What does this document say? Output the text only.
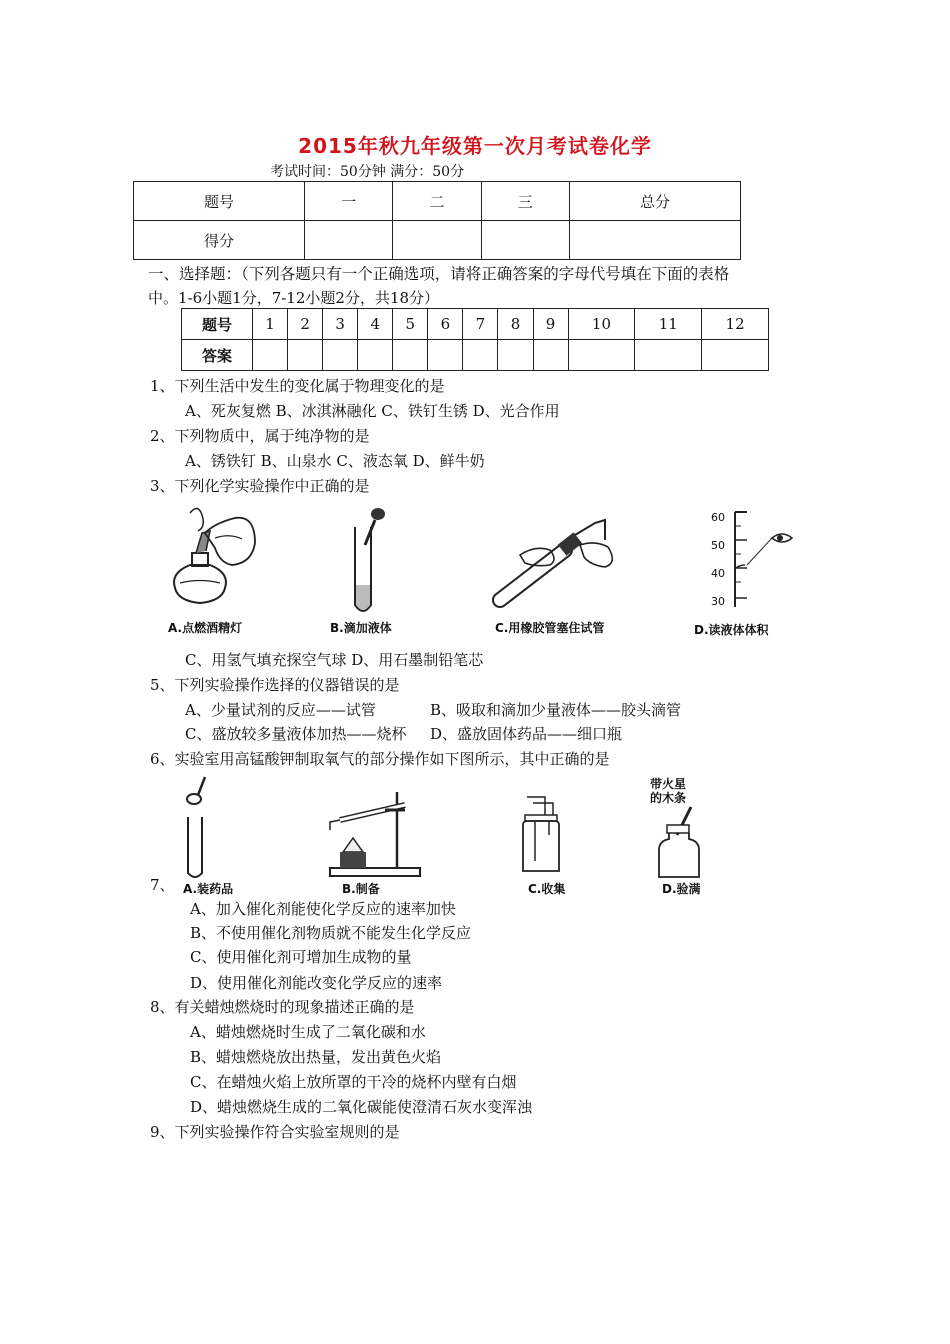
2015年秋九年级第一次月考试卷化学
考试时间：50分钟 满分：50分
题号	一	二	三	总分
得分				
一、选择题：（下列各题只有一个正确选项，请将正确答案的字母代号填在下面的表格
中。1-6小题1分，7-12小题2分，共18分）
题号	1	2	3	4	5	6	7	8	9	10	11	12
答案												
1、下列生活中发生的变化属于物理变化的是
A、死灰复燃 B、冰淇淋融化 C、铁钉生锈 D、光合作用
2、下列物质中，属于纯净物的是
A、锈铁钉 B、山泉水 C、液态氧 D、鲜牛奶
3、下列化学实验操作中正确的是
60
50
40
30
A.点燃酒精灯	B.滴加液体	C.用橡胶管塞住试管	D.读液体体积
C、用氢气填充探空气球 D、用石墨制铅笔芯
5、下列实验操作选择的仪器错误的是
A、少量试剂的反应——试管	B、吸取和滴加少量液体——胶头滴管
C、盛放较多量液体加热——烧杯 D、盛放固体药品——细口瓶
6、实验室用高锰酸钾制取氧气的部分操作如下图所示，其中正确的是
带火星
的木条
7、 A.装药品	B.制备	C.收集	D.验满
A、加入催化剂能使化学反应的速率加快
B、不使用催化剂物质就不能发生化学反应
C、使用催化剂可增加生成物的量
D、使用催化剂能改变化学反应的速率
8、有关蜡烛燃烧时的现象描述正确的是
A、蜡烛燃烧时生成了二氧化碳和水
B、蜡烛燃烧放出热量，发出黄色火焰
C、在蜡烛火焰上放所罩的干冷的烧杯内壁有白烟
D、蜡烛燃烧生成的二氧化碳能使澄清石灰水变浑浊
9、下列实验操作符合实验室规则的是
